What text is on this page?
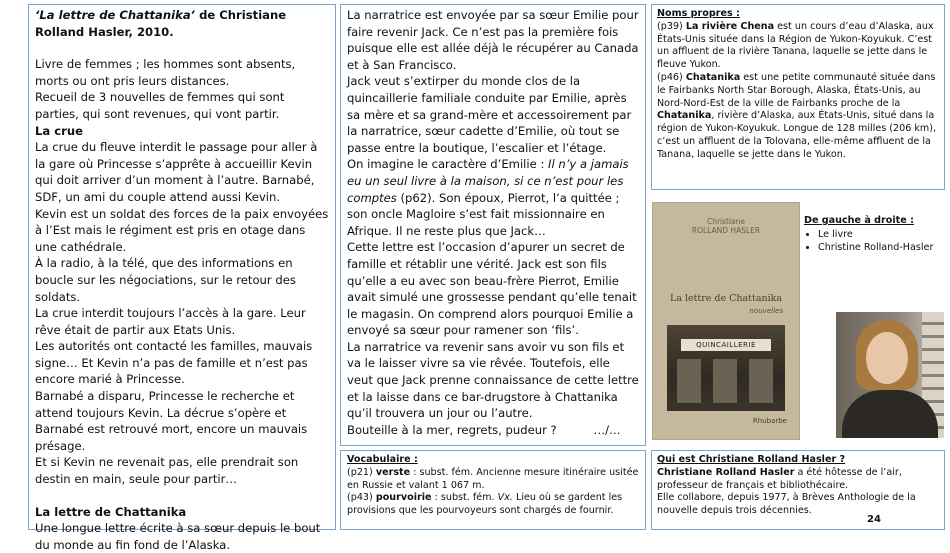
‘La lettre de Chattanika’ de Christiane Rolland Hasler, 2010.

Livre de femmes ; les hommes sont absents, morts ou ont pris leurs distances.

Recueil de 3 nouvelles de femmes qui sont parties, qui sont revenues, qui vont partir.

La crue

La crue du fleuve interdit le passage pour aller à la gare où Princesse s’apprête à accueillir Kevin qui doit arriver d’un moment à l’autre. Barnabé, SDF, un ami du couple attend aussi Kevin.

Kevin est un soldat des forces de la paix envoyées à l’Est mais le régiment est pris en otage dans une cathédrale.

À la radio, à la télé, que des informations en boucle sur les négociations, sur le retour des soldats.

La crue interdit toujours l’accès à la gare. Leur rêve était de partir aux Etats Unis.

Les autorités ont contacté les familles, mauvais signe… Et Kevin n’a pas de famille et n’est pas encore marié à Princesse.

Barnabé a disparu, Princesse le recherche et attend toujours Kevin. La décrue s’opère et Barnabé est retrouvé mort, encore un mauvais présage.

Et si Kevin ne revenait pas, elle prendrait son destin en main, seule pour partir…

La lettre de Chattanika

Une longue lettre écrite à sa sœur depuis le bout du monde au fin fond de l’Alaska.

La narratrice est envoyée par sa sœur Emilie pour faire revenir Jack. Ce n’est pas la première fois puisque elle est allée déjà le récupérer au Canada et à San Francisco.

Jack veut s’extirper du monde clos de la quincaillerie familiale conduite par Emilie, après sa mère et sa grand-mère et accessoirement par la narratrice, sœur cadette d’Emilie, où tout se passe entre la boutique, l’escalier et l’étage.

On imagine le caractère d’Emilie : Il n’y a jamais eu un seul livre à la maison, si ce n’est pour les comptes (p62). Son époux, Pierrot, l’a quittée ; son oncle Magloire s’est fait missionnaire en Afrique. Il ne reste plus que Jack…

Cette lettre est l’occasion d’apurer un secret de famille et rétablir une vérité. Jack est son fils qu’elle a eu avec son beau-frère Pierrot, Emilie avait simulé une grossesse pendant qu’elle tenait le magasin. On comprend alors pourquoi Emilie a envoyé sa sœur pour ramener son ‘fils’.

La narratrice va revenir sans avoir vu son fils et va le laisser vivre sa vie rêvée. Toutefois, elle veut que Jack prenne connaissance de cette lettre et la laisse dans ce bar-drugstore à Chattanika qu’il trouvera un jour ou l’autre.

Bouteille à la mer, regrets, pudeur ?          …/…

Vocabulaire :
(p21) verste : subst. fém. Ancienne mesure itinéraire usitée en Russie et valant 1 067 m.
(p43) pourvoirie : subst. fém. Vx. Lieu où se gardent les provisions que les pourvoyeurs sont chargés de fournir.
Noms propres :
(p39) La rivière Chena est un cours d’eau d’Alaska, aux États-Unis située dans la Région de Yukon-Koyukuk. C’est un affluent de la rivière Tanana, laquelle se jette dans le fleuve Yukon.
(p46) Chatanika est une petite communauté située dans le Fairbanks North Star Borough, Alaska, États-Unis, au Nord-Nord-Est de la ville de Fairbanks proche de la Chatanika, rivière d’Alaska, aux États-Unis, situé dans la région de Yukon-Koyukuk. Longue de 128 milles (206 km), c’est un affluent de la Tolovana, elle-même affluent de la Tanana, laquelle se jette dans le Yukon.
Christiane
ROLLAND HASLER
La lettre de Chattanika
nouvelles
QUINCAILLERIE
Rhubarbe
De gauche à droite :
• Le livre
• Christine Rolland-Hasler
Qui est Christiane Rolland Hasler ?
Christiane Rolland Hasler a été hôtesse de l’air, professeur de français et bibliothécaire.
Elle collabore, depuis 1977, à Brèves Anthologie de la nouvelle depuis trois décennies.
24
